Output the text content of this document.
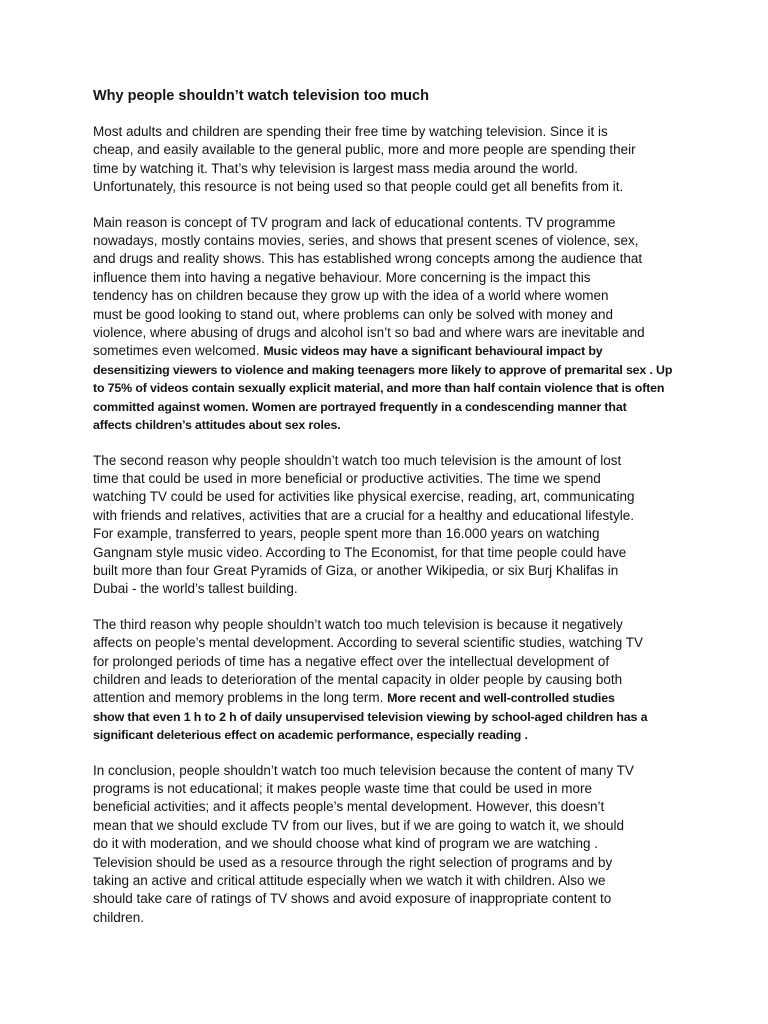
Why people shouldn’t watch television too much
Most adults and children are spending their free time by watching television. Since it is
cheap, and easily available to the general public, more and more people are spending their
time by watching it. That’s why television is largest mass media around the world.
Unfortunately, this resource is not being used so that people could get all benefits from it.
Main reason is concept of TV program and lack of educational contents. TV programme
nowadays, mostly contains movies, series, and shows that present scenes of violence, sex,
and drugs and reality shows. This has established wrong concepts among the audience that
influence them into having a negative behaviour. More concerning is the impact this
tendency has on children because they grow up with the idea of a world where women
must be good looking to stand out, where problems can only be solved with money and
violence, where abusing of drugs and alcohol isn’t so bad and where wars are inevitable and
sometimes even welcomed. Music videos may have a significant behavioural impact by
desensitizing viewers to violence and making teenagers more likely to approve of premarital sex . Up
to 75% of videos contain sexually explicit material, and more than half contain violence that is often
committed against women. Women are portrayed frequently in a condescending manner that
affects children’s attitudes about sex roles.
The second reason why people shouldn’t watch too much television is the amount of lost
time that could be used in more beneficial or productive activities. The time we spend
watching TV could be used for activities like physical exercise, reading, art, communicating
with friends and relatives, activities that are a crucial for a healthy and educational lifestyle.
For example, transferred to years, people spent more than 16.000 years on watching
Gangnam style music video. According to The Economist, for that time people could have
built more than four Great Pyramids of Giza, or another Wikipedia, or six Burj Khalifas in
Dubai - the world’s tallest building.
The third reason why people shouldn’t watch too much television is because it negatively
affects on people’s mental development. According to several scientific studies, watching TV
for prolonged periods of time has a negative effect over the intellectual development of
children and leads to deterioration of the mental capacity in older people by causing both
attention and memory problems in the long term. More recent and well-controlled studies
show that even 1 h to 2 h of daily unsupervised television viewing by school-aged children has a
significant deleterious effect on academic performance, especially reading .
In conclusion, people shouldn’t watch too much television because the content of many TV
programs is not educational; it makes people waste time that could be used in more
beneficial activities; and it affects people’s mental development. However, this doesn’t
mean that we should exclude TV from our lives, but if we are going to watch it, we should
do it with moderation, and we should choose what kind of program we are watching .
Television should be used as a resource through the right selection of programs and by
taking an active and critical attitude especially when we watch it with children. Also we
should take care of ratings of TV shows and avoid exposure of inappropriate content to
children.
